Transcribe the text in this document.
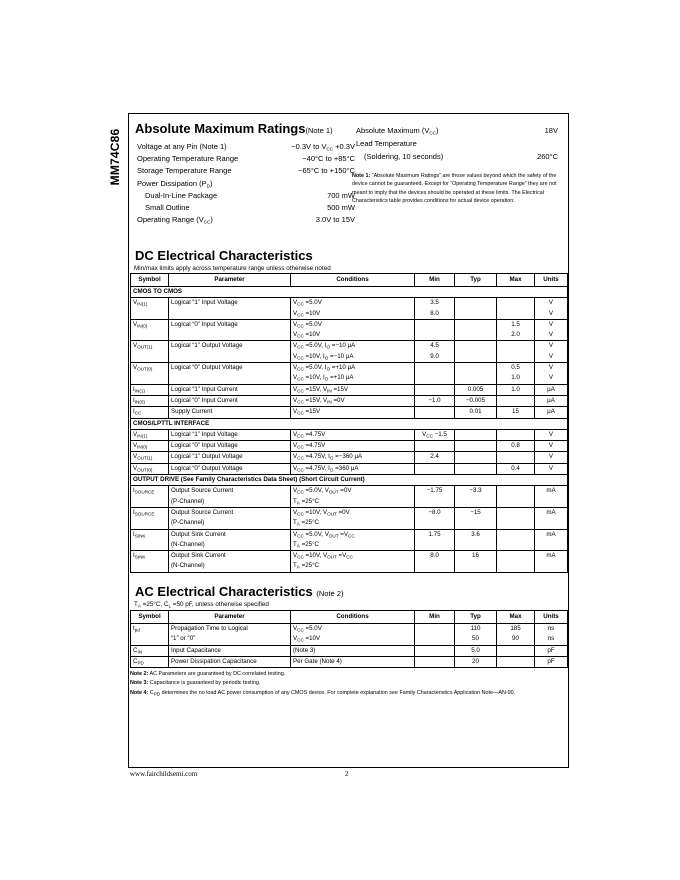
MM74C86
Absolute Maximum Ratings(Note 1)
Voltage at any Pin (Note 1)	−0.3V to $V_{CC} +0.3V$
Operating Temperature Range	−40°C to +85°C
Storage Temperature Range	−65°C to +150°C
Power Dissipation $(P_D)$
Dual-In-Line Package	700 mW
Small Outline	500 mW
Operating Range $(V_{CC})$	3.0V to 15V
Absolute Maximum $(V_{CC})$	18V
Lead Temperature
(Soldering, 10 seconds)	260°C
Note 1: “Absolute Maximum Ratings” are those values beyond which the safety of the device cannot be guaranteed. Except for “Operating Temperature Range” they are not meant to imply that the devices should be operated at these limits. The Electrical Characteristics table provides conditions for actual device operation.
DC Electrical Characteristics
Min/max limits apply across temperature range unless otherwise noted
Symbol	Parameter	Conditions	Min	Typ	Max	Units
CMOS TO CMOS						
$V_{IN(1)}$	Logical “1” Input Voltage	$V_{CC} =5.0V$	3.5			V
		$V_{CC} =10V$	8.0			V
$V_{IN(0)}$	Logical “0” Input Voltage	$V_{CC} =5.0V$			1.5	V
		$V_{CC} =10V$			2.0	V
$V_{OUT(1)}$	Logical “1” Output Voltage	$V_{CC} =5.0V$, $I_O =-10$ μA	4.5			V
		$V_{CC} =10V$, $I_O =-10$ μA	9.0			V
$V_{OUT(0)}$	Logical “0” Output Voltage	$V_{CC} =5.0V$, $I_O =+10$ μA			0.5	V
		$V_{CC} =10V$, $I_O =+10$ μA			1.0	V
$I_{IN(1)}$	Logical “1” Input Current	$V_{CC} =15V$, $V_{IN} =15V$		0.005	1.0	μA
$I_{IN(0)}$	Logical “0” Input Current	$V_{CC} =15V$, $V_{IN} =0V$	−1.0	−0.005		μA
$I_{CC}$	Supply Current	$V_{CC} =15V$		0.01	15	μA
CMOS/LPTTL INTERFACE						
$V_{IN(1)}$	Logical “1” Input Voltage	$V_{CC} =4.75V$	$V_{CC} -1.5$			V
$V_{IN(0)}$	Logical “0” Input Voltage	$V_{CC} =4.75V$			0.8	V
$V_{OUT(1)}$	Logical “1” Output Voltage	$V_{CC} =4.75V$, $I_O =-360$ μA	2.4			V
$V_{OUT(0)}$	Logical “0” Output Voltage	$V_{CC} =4.75V$, $I_O =360$ μA			0.4	V
OUTPUT DRIVE (See Family Characteristics Data Sheet) (Short Circuit Current)						
$I_{SOURCE}$	Output Source Current	$V_{CC} =5.0V$, $V_{OUT} =0V$	−1.75	−3.3		mA
	(P-Channel)	$T_A =25^\circ C$				
$I_{SOURCE}$	Output Source Current	$V_{CC} =10V$, $V_{OUT} =0V$	−8.0	−15		mA
	(P-Channel)	$T_A =25^\circ C$				
$I_{SINK}$	Output Sink Current	$V_{CC} =5.0V$, $V_{OUT} =V_{CC}$	1.75	3.6		mA
	(N-Channel)	$T_A =25^\circ C$				
$I_{SINK}$	Output Sink Current	$V_{CC} =10V$, $V_{OUT} =V_{CC}$	8.0	16		mA
	(N-Channel)	$T_A =25^\circ C$				
AC Electrical Characteristics (Note 2)
$T_A =25^\circ C$, $C_L =50$ pF, unless otherwise specified
Symbol	Parameter	Conditions	Min	Typ	Max	Units
$t_{pd}$	Propagation Time to Logical	$V_{CC} =5.0V$		110	185	ns
	“1” or “0”	$V_{CC} =10V$		50	90	ns
$C_{IN}$	Input Capacitance	(Note 3)		5.0		pF
$C_{PD}$	Power Dissipation Capacitance	Per Gate (Note 4)		20		pF
Note 2: AC Parameters are guaranteed by DC correlated testing.
Note 3: Capacitance is guaranteed by periodic testing.
Note 4: $C_{PD}$ determines the no load AC power consumption of any CMOS device. For complete explanation see Family Characteristics Application Note—AN-90.
www.fairchildsemi.com	2
